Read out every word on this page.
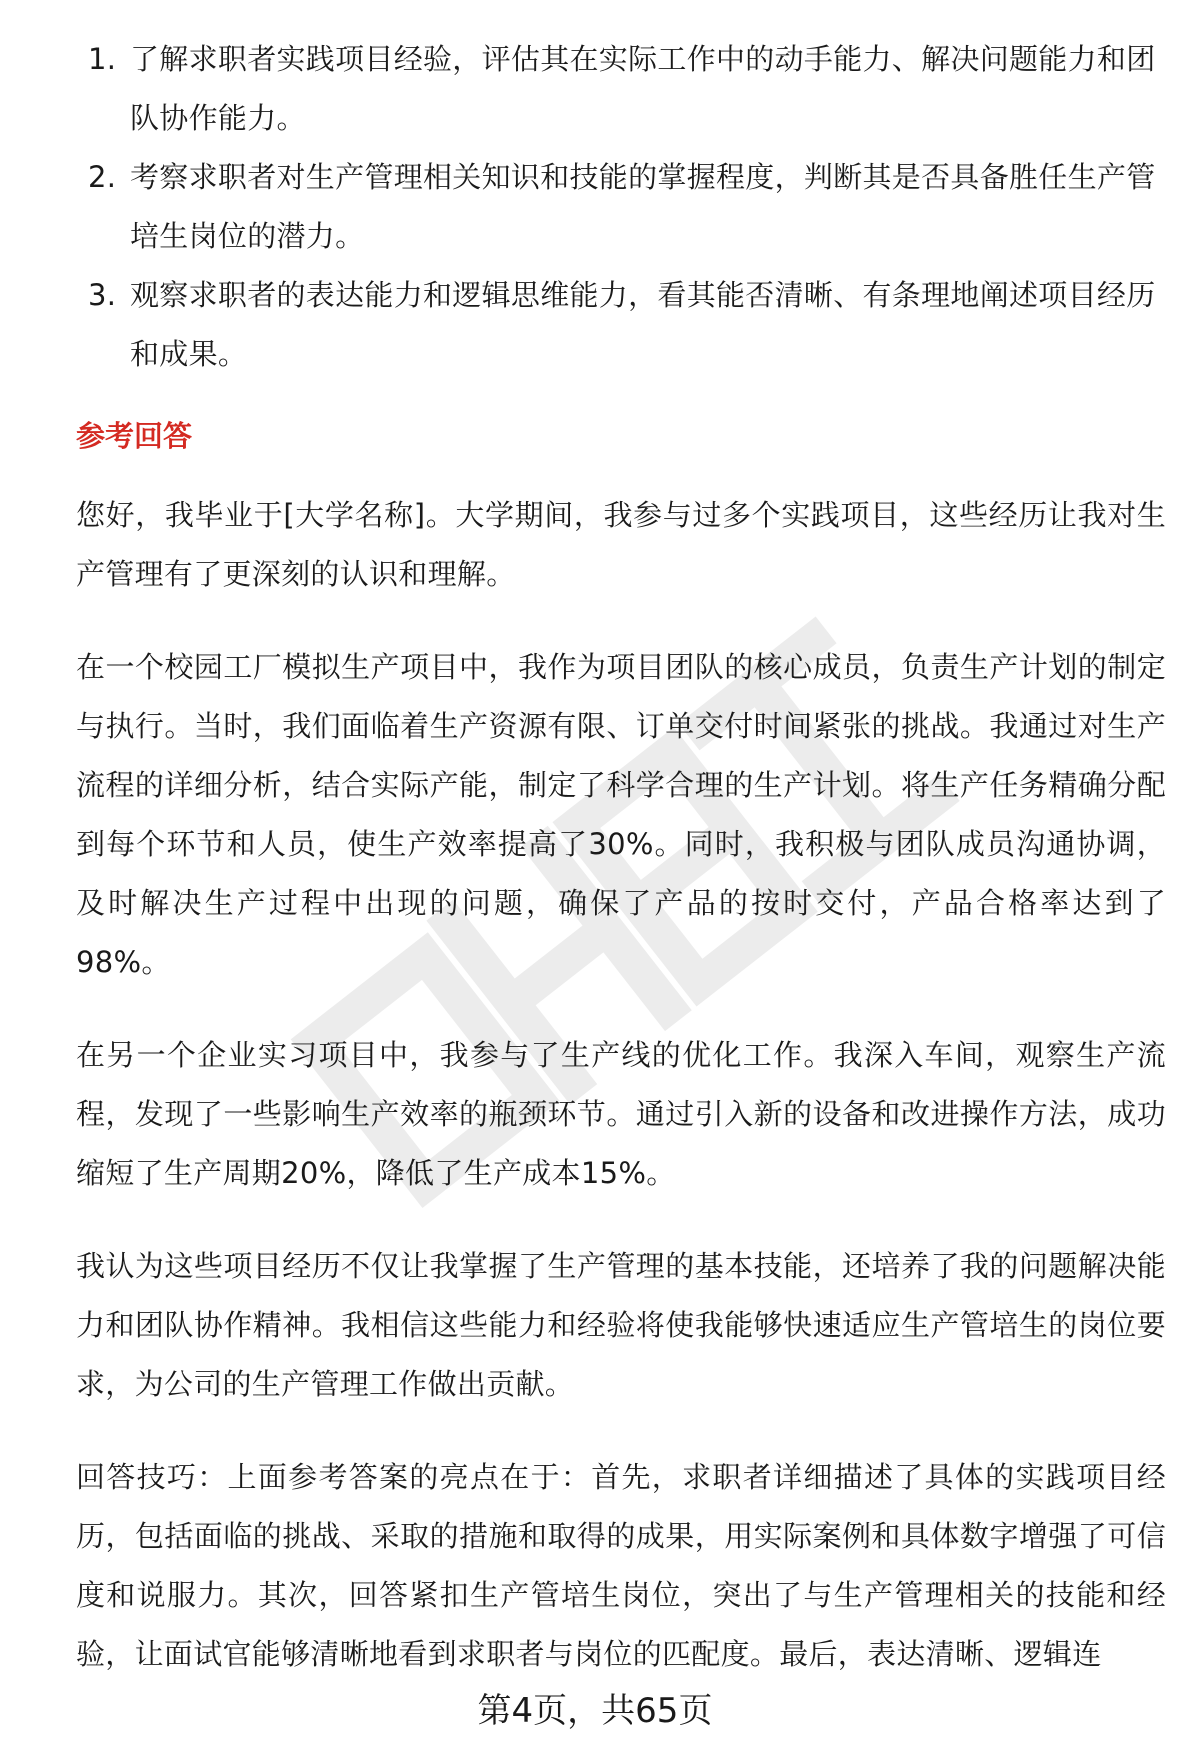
1. 了解求职者实践项目经验，评估其在实际工作中的动手能力、解决问题能力和团队协作能力。
2. 考察求职者对生产管理相关知识和技能的掌握程度，判断其是否具备胜任生产管培生岗位的潜力。
3. 观察求职者的表达能力和逻辑思维能力，看其能否清晰、有条理地阐述项目经历和成果。
参考回答

您好，我毕业于[大学名称]。大学期间，我参与过多个实践项目，这些经历让我对生产管理有了更深刻的认识和理解。

在一个校园工厂模拟生产项目中，我作为项目团队的核心成员，负责生产计划的制定与执行。当时，我们面临着生产资源有限、订单交付时间紧张的挑战。我通过对生产流程的详细分析，结合实际产能，制定了科学合理的生产计划。将生产任务精确分配到每个环节和人员，使生产效率提高了30%。同时，我积极与团队成员沟通协调，及时解决生产过程中出现的问题，确保了产品的按时交付，产品合格率达到了98%。

在另一个企业实习项目中，我参与了生产线的优化工作。我深入车间，观察生产流程，发现了一些影响生产效率的瓶颈环节。通过引入新的设备和改进操作方法，成功缩短了生产周期20%，降低了生产成本15%。

我认为这些项目经历不仅让我掌握了生产管理的基本技能，还培养了我的问题解决能力和团队协作精神。我相信这些能力和经验将使我能够快速适应生产管培生的岗位要求，为公司的生产管理工作做出贡献。

回答技巧：上面参考答案的亮点在于：首先，求职者详细描述了具体的实践项目经历，包括面临的挑战、采取的措施和取得的成果，用实际案例和具体数字增强了可信度和说服力。其次，回答紧扣生产管培生岗位，突出了与生产管理相关的技能和经验，让面试官能够清晰地看到求职者与岗位的匹配度。最后，表达清晰、逻辑连

第4页，共65页
